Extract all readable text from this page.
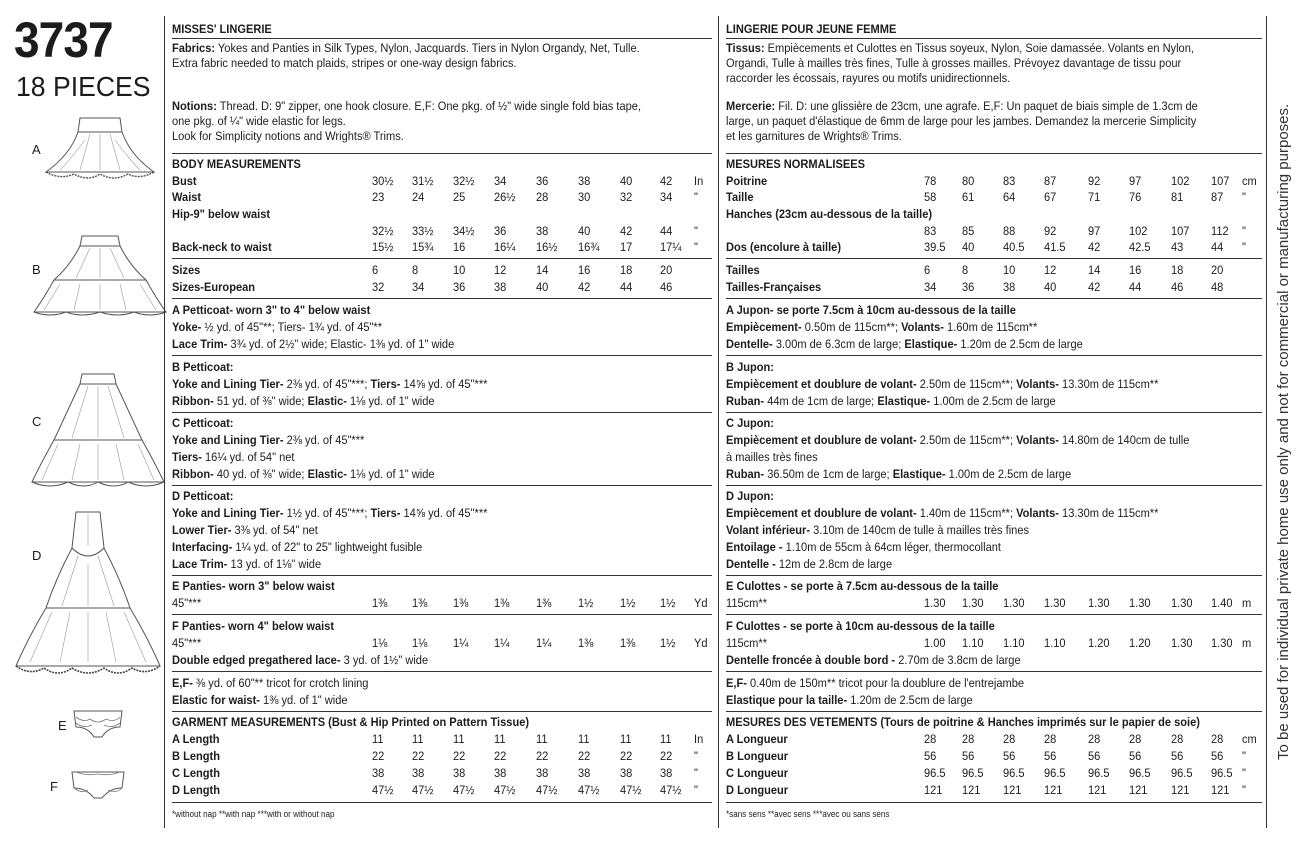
3737
18 PIECES
A
B
C
D
E
F
To be used for individual private home use only and not for commercial or manufacturing purposes.
MISSES' LINGERIE
Fabrics: Yokes and Panties in Silk Types, Nylon, Jacquards. Tiers in Nylon Organdy, Net, Tulle.
Extra fabric needed to match plaids, stripes or one-way design fabrics.
Notions: Thread. D: 9" zipper, one hook closure. E,F: One pkg. of ½" wide single fold bias tape,
one pkg. of ¼" wide elastic for legs.
Look for Simplicity notions and Wrights® Trims.
BODY MEASUREMENTS
Bust	30½ 31½ 32½ 34 36 38 40 42 In
Waist	23 24 25 26½ 28 30 32 34 "
Hip-9" below waist
32½ 33½ 34½ 36 38 40 42 44 "
Back-neck to waist	15½ 15¾ 16 16¼ 16½ 16¾ 17 17¼ "
Sizes	6	8	10 12 14 16 18 20
Sizes-European	32 34 36 38 40 42 44 46
A Petticoat- worn 3" to 4" below waist
Yoke- ½ yd. of 45"**; Tiers- 1¾ yd. of 45"**
Lace Trim- 3¾ yd. of 2½" wide; Elastic- 1⅜ yd. of 1" wide
B Petticoat:
Yoke and Lining Tier- 2⅜ yd. of 45"***; Tiers- 14⅝ yd. of 45"***
Ribbon- 51 yd. of ⅜" wide; Elastic- 1⅛ yd. of 1" wide
C Petticoat:
Yoke and Lining Tier- 2⅜ yd. of 45"***
Tiers- 16¼ yd. of 54" net
Ribbon- 40 yd. of ⅜" wide; Elastic- 1⅛ yd. of 1" wide
D Petticoat:
Yoke and Lining Tier- 1½ yd. of 45"***; Tiers- 14⅝ yd. of 45"***
Lower Tier- 3⅜ yd. of 54" net
Interfacing- 1¼ yd. of 22" to 25" lightweight fusible
Lace Trim- 13 yd. of 1⅛" wide
E Panties- worn 3" below waist
45"***	1⅜ 1⅜ 1⅜ 1⅜ 1⅜ 1½ 1½ 1½ Yd
F Panties- worn 4" below waist
45"***	1⅛ 1⅛ 1¼ 1¼ 1¼ 1⅜ 1⅜ 1½ Yd
Double edged pregathered lace- 3 yd. of 1½" wide
E,F- ⅜ yd. of 60"** tricot for crotch lining
Elastic for waist- 1⅜ yd. of 1" wide
GARMENT MEASUREMENTS (Bust & Hip Printed on Pattern Tissue)
A Length	11 11 11 11 11 11 11 11 In
B Length	22 22 22 22 22 22 22 22 "
C Length	38 38 38 38 38 38 38 38 "
D Length	47½ 47½ 47½ 47½ 47½ 47½ 47½ 47½ "
*without nap **with nap ***with or without nap
LINGERIE POUR JEUNE FEMME
Tissus: Empiècements et Culottes en Tissus soyeux, Nylon, Soie damassée. Volants en Nylon,
Organdi, Tulle à mailles très fines, Tulle à grosses mailles. Prévoyez davantage de tissu pour
raccorder les écossais, rayures ou motifs unidirectionnels.
Mercerie: Fil. D: une glissière de 23cm, une agrafe. E,F: Un paquet de biais simple de 1.3cm de
large, un paquet d'élastique de 6mm de large pour les jambes. Demandez la mercerie Simplicity
et les garnitures de Wrights® Trims.
MESURES NORMALISEES
Poitrine	78 80 83 87	92 97 102 107 cm
Taille	58 61 64 67	71 76 81 87 "
Hanches (23cm au-dessous de la taille)
83 85 88 92	97 102 107 112 "
Dos (encolure à taille)	39.5 40 40.5 41.5 42 42.5 43 44 "
Tailles	6	8	10 12	14 16 18 20
Tailles-Françaises	34 36 38 40	42 44 46 48
A Jupon- se porte 7.5cm à 10cm au-dessous de la taille
Empiècement- 0.50m de 115cm**; Volants- 1.60m de 115cm**
Dentelle- 3.00m de 6.3cm de large; Elastique- 1.20m de 2.5cm de large
B Jupon:
Empiècement et doublure de volant- 2.50m de 115cm**; Volants- 13.30m de 115cm**
Ruban- 44m de 1cm de large; Elastique- 1.00m de 2.5cm de large
C Jupon:
Empiècement et doublure de volant- 2.50m de 115cm**; Volants- 14.80m de 140cm de tulle
à mailles très fines
Ruban- 36.50m de 1cm de large; Elastique- 1.00m de 2.5cm de large
D Jupon:
Empiècement et doublure de volant- 1.40m de 115cm**; Volants- 13.30m de 115cm**
Volant inférieur- 3.10m de 140cm de tulle à mailles très fines
Entoilage - 1.10m de 55cm à 64cm léger, thermocollant
Dentelle - 12m de 2.8cm de large
E Culottes - se porte à 7.5cm au-dessous de la taille
115cm**	1.30 1.30 1.30 1.30 1.30 1.30 1.30 1.40 m
F Culottes - se porte à 10cm au-dessous de la taille
115cm**	1.00 1.10 1.10 1.10 1.20 1.20 1.30 1.30 m
Dentelle froncée à double bord - 2.70m de 3.8cm de large
E,F- 0.40m de 150m** tricot pour la doublure de l'entrejambe
Elastique pour la taille- 1.20m de 2.5cm de large
MESURES DES VETEMENTS (Tours de poitrine & Hanches imprimés sur le papier de soie)
A Longueur	28 28 28 28	28 28 28 28 cm
B Longueur	56 56 56 56	56 56 56 56 "
C Longueur	96.5 96.5 96.5 96.5 96.5 96.5 96.5 96.5 "
D Longueur	121 121 121 121 121 121 121 121 "
*sans sens **avec sens ***avec ou sans sens
